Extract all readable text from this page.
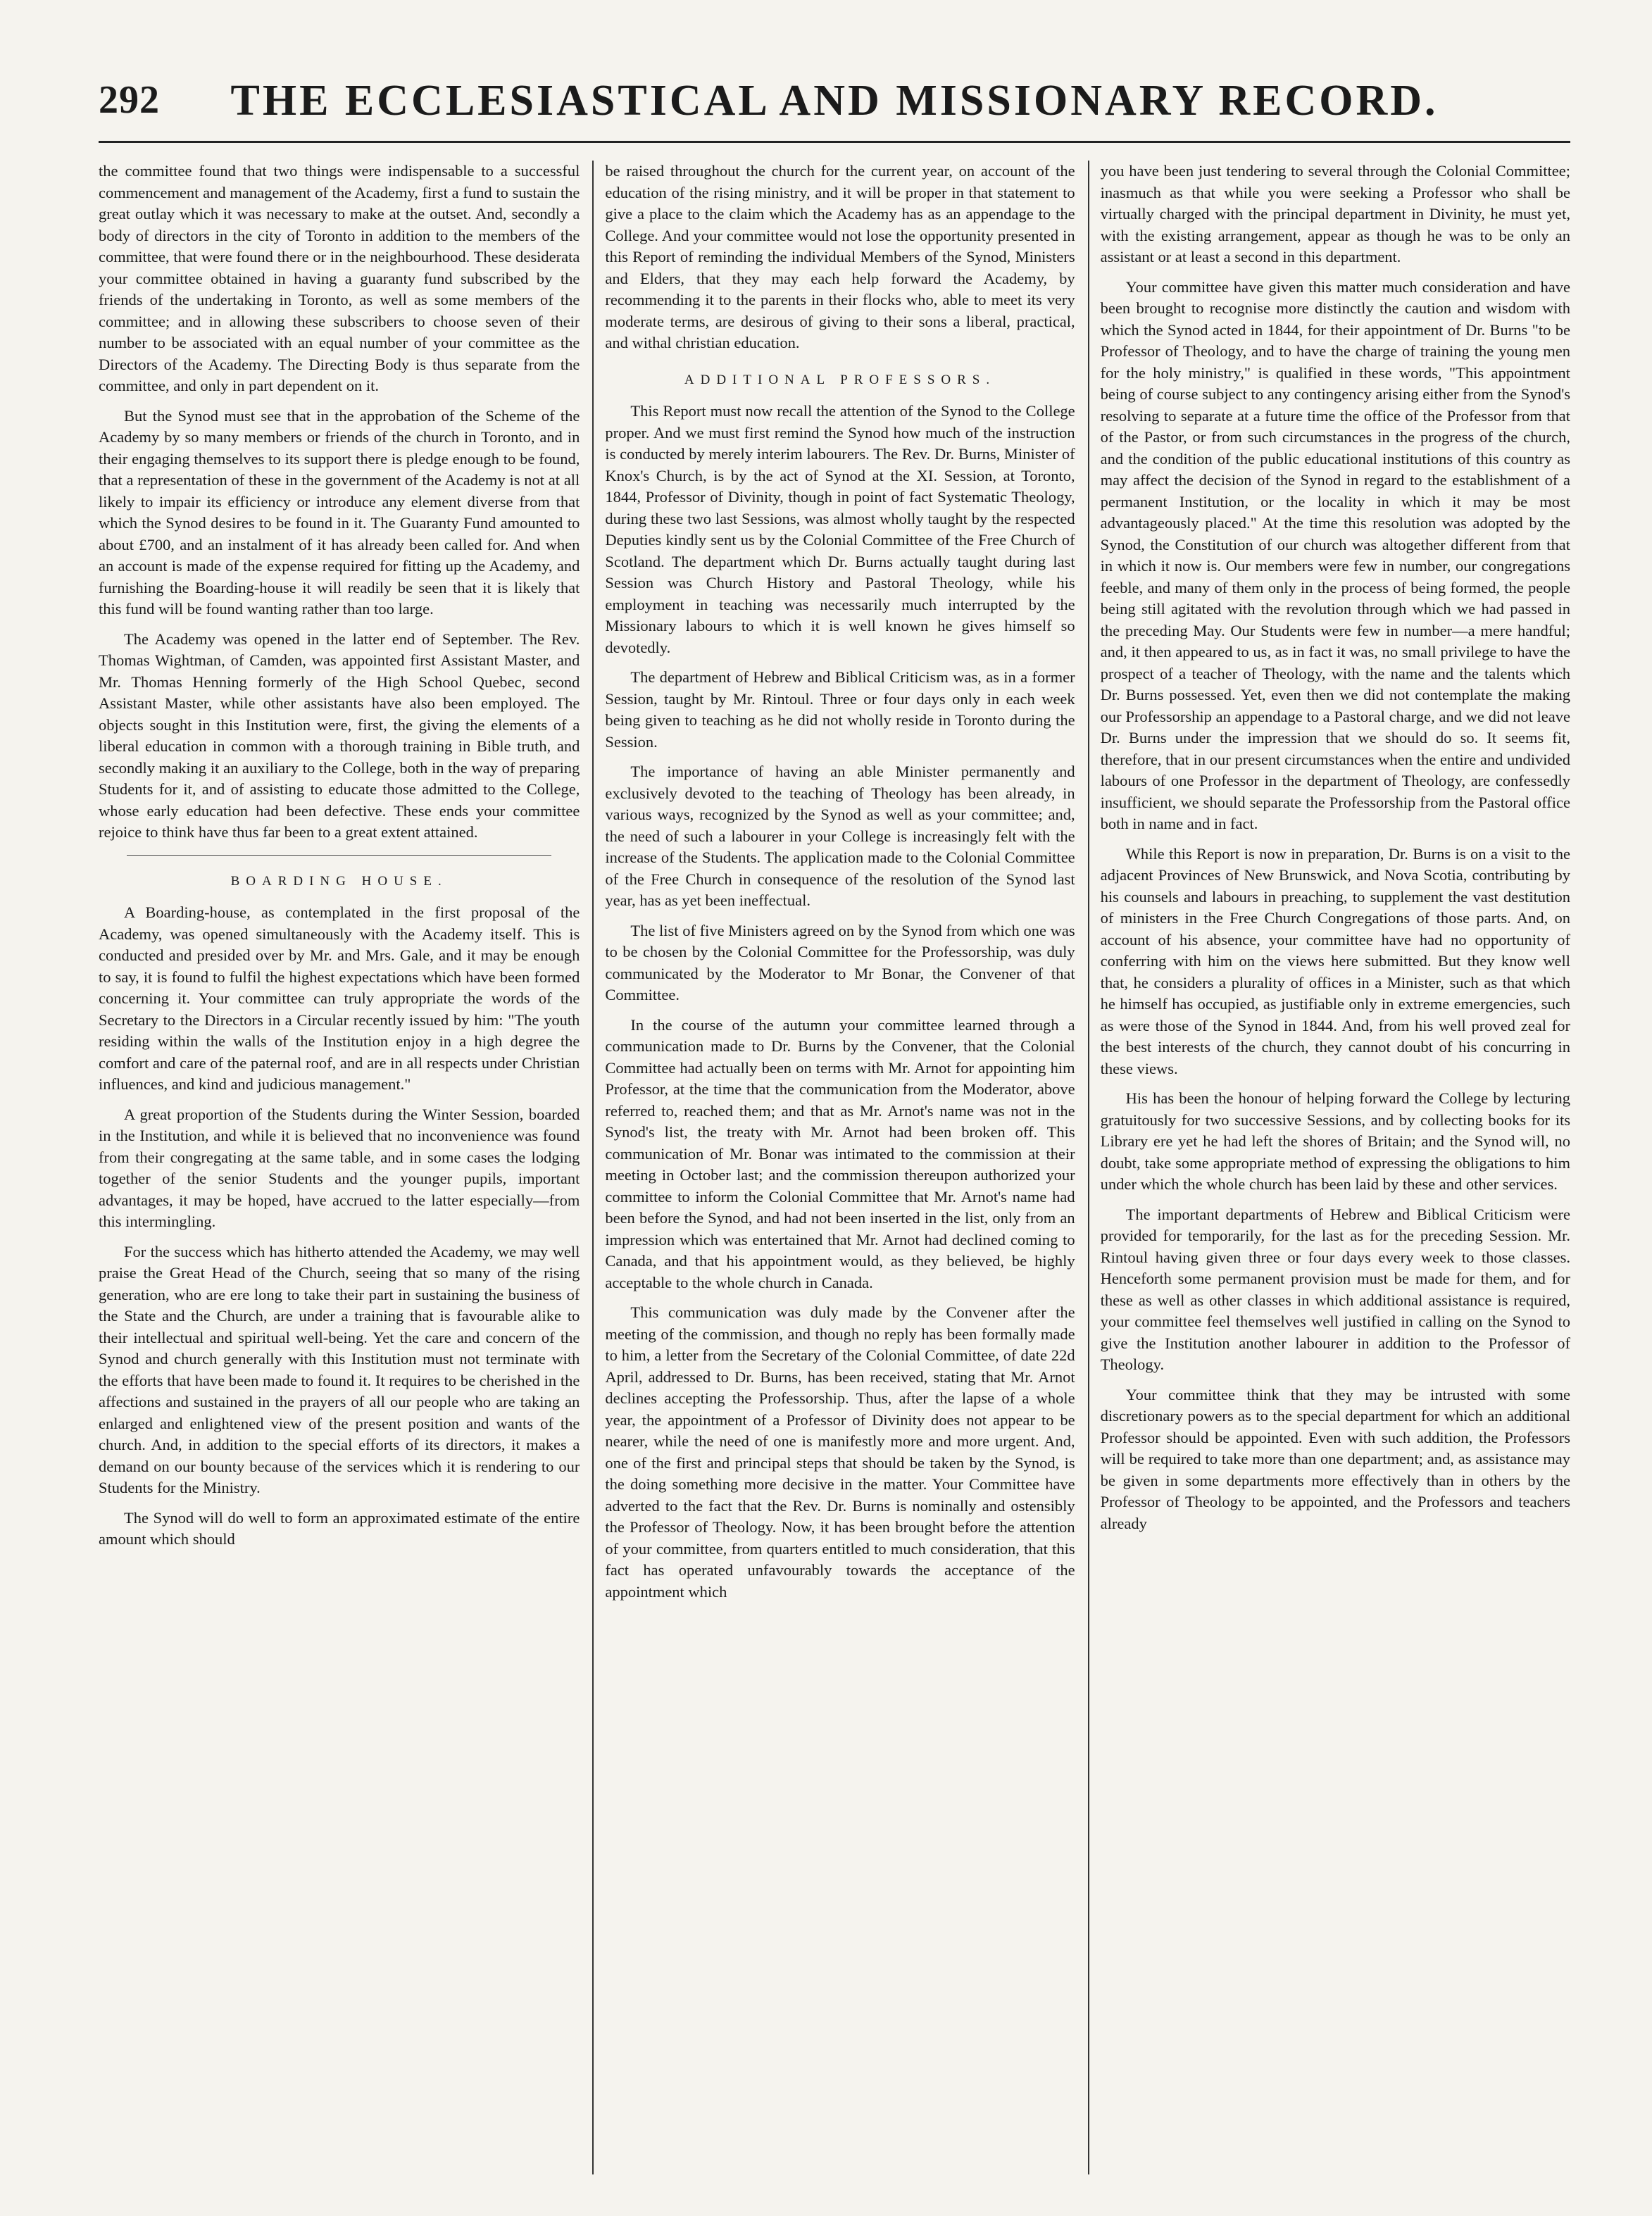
292	THE ECCLESIASTICAL AND MISSIONARY RECORD.

the committee found that two things were indispensable to a successful commencement and management of the Academy, first a fund to sustain the great outlay which it was necessary to make at the outset. And, secondly a body of directors in the city of Toronto in addition to the members of the committee, that were found there or in the neighbourhood. These desiderata your committee obtained in having a guaranty fund subscribed by the friends of the undertaking in Toronto, as well as some members of the committee; and in allowing these subscribers to choose seven of their number to be associated with an equal number of your committee as the Directors of the Academy. The Directing Body is thus separate from the committee, and only in part dependent on it.

But the Synod must see that in the approbation of the Scheme of the Academy by so many members or friends of the church in Toronto, and in their engaging themselves to its support there is pledge enough to be found, that a representation of these in the government of the Academy is not at all likely to impair its efficiency or introduce any element diverse from that which the Synod desires to be found in it. The Guaranty Fund amounted to about £700, and an instalment of it has already been called for. And when an account is made of the expense required for fitting up the Academy, and furnishing the Boarding-house it will readily be seen that it is likely that this fund will be found wanting rather than too large.

The Academy was opened in the latter end of September. The Rev. Thomas Wightman, of Camden, was appointed first Assistant Master, and Mr. Thomas Henning formerly of the High School Quebec, second Assistant Master, while other assistants have also been employed. The objects sought in this Institution were, first, the giving the elements of a liberal education in common with a thorough training in Bible truth, and secondly making it an auxiliary to the College, both in the way of preparing Students for it, and of assisting to educate those admitted to the College, whose early education had been defective. These ends your committee rejoice to think have thus far been to a great extent attained.

BOARDING HOUSE.

A Boarding-house, as contemplated in the first proposal of the Academy, was opened simultaneously with the Academy itself. This is conducted and presided over by Mr. and Mrs. Gale, and it may be enough to say, it is found to fulfil the highest expectations which have been formed concerning it. Your committee can truly appropriate the words of the Secretary to the Directors in a Circular recently issued by him: "The youth residing within the walls of the Institution enjoy in a high degree the comfort and care of the paternal roof, and are in all respects under Christian influences, and kind and judicious management."

A great proportion of the Students during the Winter Session, boarded in the Institution, and while it is believed that no inconvenience was found from their congregating at the same table, and in some cases the lodging together of the senior Students and the younger pupils, important advantages, it may be hoped, have accrued to the latter especially—from this intermingling.

For the success which has hitherto attended the Academy, we may well praise the Great Head of the Church, seeing that so many of the rising generation, who are ere long to take their part in sustaining the business of the State and the Church, are under a training that is favourable alike to their intellectual and spiritual well-being. Yet the care and concern of the Synod and church generally with this Institution must not terminate with the efforts that have been made to found it. It requires to be cherished in the affections and sustained in the prayers of all our people who are taking an enlarged and enlightened view of the present position and wants of the church. And, in addition to the special efforts of its directors, it makes a demand on our bounty because of the services which it is rendering to our Students for the Ministry.

The Synod will do well to form an approximated estimate of the entire amount which should

be raised throughout the church for the current year, on account of the education of the rising ministry, and it will be proper in that statement to give a place to the claim which the Academy has as an appendage to the College. And your committee would not lose the opportunity presented in this Report of reminding the individual Members of the Synod, Ministers and Elders, that they may each help forward the Academy, by recommending it to the parents in their flocks who, able to meet its very moderate terms, are desirous of giving to their sons a liberal, practical, and withal christian education.

ADDITIONAL PROFESSORS.

This Report must now recall the attention of the Synod to the College proper. And we must first remind the Synod how much of the instruction is conducted by merely interim labourers. The Rev. Dr. Burns, Minister of Knox's Church, is by the act of Synod at the XI. Session, at Toronto, 1844, Professor of Divinity, though in point of fact Systematic Theology, during these two last Sessions, was almost wholly taught by the respected Deputies kindly sent us by the Colonial Committee of the Free Church of Scotland. The department which Dr. Burns actually taught during last Session was Church History and Pastoral Theology, while his employment in teaching was necessarily much interrupted by the Missionary labours to which it is well known he gives himself so devotedly.

The department of Hebrew and Biblical Criticism was, as in a former Session, taught by Mr. Rintoul. Three or four days only in each week being given to teaching as he did not wholly reside in Toronto during the Session.

The importance of having an able Minister permanently and exclusively devoted to the teaching of Theology has been already, in various ways, recognized by the Synod as well as your committee; and, the need of such a labourer in your College is increasingly felt with the increase of the Students. The application made to the Colonial Committee of the Free Church in consequence of the resolution of the Synod last year, has as yet been ineffectual.

The list of five Ministers agreed on by the Synod from which one was to be chosen by the Colonial Committee for the Professorship, was duly communicated by the Moderator to Mr Bonar, the Convener of that Committee.

In the course of the autumn your committee learned through a communication made to Dr. Burns by the Convener, that the Colonial Committee had actually been on terms with Mr. Arnot for appointing him Professor, at the time that the communication from the Moderator, above referred to, reached them; and that as Mr. Arnot's name was not in the Synod's list, the treaty with Mr. Arnot had been broken off. This communication of Mr. Bonar was intimated to the commission at their meeting in October last; and the commission thereupon authorized your committee to inform the Colonial Committee that Mr. Arnot's name had been before the Synod, and had not been inserted in the list, only from an impression which was entertained that Mr. Arnot had declined coming to Canada, and that his appointment would, as they believed, be highly acceptable to the whole church in Canada.

This communication was duly made by the Convener after the meeting of the commission, and though no reply has been formally made to him, a letter from the Secretary of the Colonial Committee, of date 22d April, addressed to Dr. Burns, has been received, stating that Mr. Arnot declines accepting the Professorship. Thus, after the lapse of a whole year, the appointment of a Professor of Divinity does not appear to be nearer, while the need of one is manifestly more and more urgent. And, one of the first and principal steps that should be taken by the Synod, is the doing something more decisive in the matter. Your Committee have adverted to the fact that the Rev. Dr. Burns is nominally and ostensibly the Professor of Theology. Now, it has been brought before the attention of your committee, from quarters entitled to much consideration, that this fact has operated unfavourably towards the acceptance of the appointment which

you have been just tendering to several through the Colonial Committee; inasmuch as that while you were seeking a Professor who shall be virtually charged with the principal department in Divinity, he must yet, with the existing arrangement, appear as though he was to be only an assistant or at least a second in this department.

Your committee have given this matter much consideration and have been brought to recognise more distinctly the caution and wisdom with which the Synod acted in 1844, for their appointment of Dr. Burns "to be Professor of Theology, and to have the charge of training the young men for the holy ministry," is qualified in these words, "This appointment being of course subject to any contingency arising either from the Synod's resolving to separate at a future time the office of the Professor from that of the Pastor, or from such circumstances in the progress of the church, and the condition of the public educational institutions of this country as may affect the decision of the Synod in regard to the establishment of a permanent Institution, or the locality in which it may be most advantageously placed." At the time this resolution was adopted by the Synod, the Constitution of our church was altogether different from that in which it now is. Our members were few in number, our congregations feeble, and many of them only in the process of being formed, the people being still agitated with the revolution through which we had passed in the preceding May. Our Students were few in number—a mere handful; and, it then appeared to us, as in fact it was, no small privilege to have the prospect of a teacher of Theology, with the name and the talents which Dr. Burns possessed. Yet, even then we did not contemplate the making our Professorship an appendage to a Pastoral charge, and we did not leave Dr. Burns under the impression that we should do so. It seems fit, therefore, that in our present circumstances when the entire and undivided labours of one Professor in the department of Theology, are confessedly insufficient, we should separate the Professorship from the Pastoral office both in name and in fact.

While this Report is now in preparation, Dr. Burns is on a visit to the adjacent Provinces of New Brunswick, and Nova Scotia, contributing by his counsels and labours in preaching, to supplement the vast destitution of ministers in the Free Church Congregations of those parts. And, on account of his absence, your committee have had no opportunity of conferring with him on the views here submitted. But they know well that, he considers a plurality of offices in a Minister, such as that which he himself has occupied, as justifiable only in extreme emergencies, such as were those of the Synod in 1844. And, from his well proved zeal for the best interests of the church, they cannot doubt of his concurring in these views.

His has been the honour of helping forward the College by lecturing gratuitously for two successive Sessions, and by collecting books for its Library ere yet he had left the shores of Britain; and the Synod will, no doubt, take some appropriate method of expressing the obligations to him under which the whole church has been laid by these and other services.

The important departments of Hebrew and Biblical Criticism were provided for temporarily, for the last as for the preceding Session. Mr. Rintoul having given three or four days every week to those classes. Henceforth some permanent provision must be made for them, and for these as well as other classes in which additional assistance is required, your committee feel themselves well justified in calling on the Synod to give the Institution another labourer in addition to the Professor of Theology.

Your committee think that they may be intrusted with some discretionary powers as to the special department for which an additional Professor should be appointed. Even with such addition, the Professors will be required to take more than one department; and, as assistance may be given in some departments more effectively than in others by the Professor of Theology to be appointed, and the Professors and teachers already
